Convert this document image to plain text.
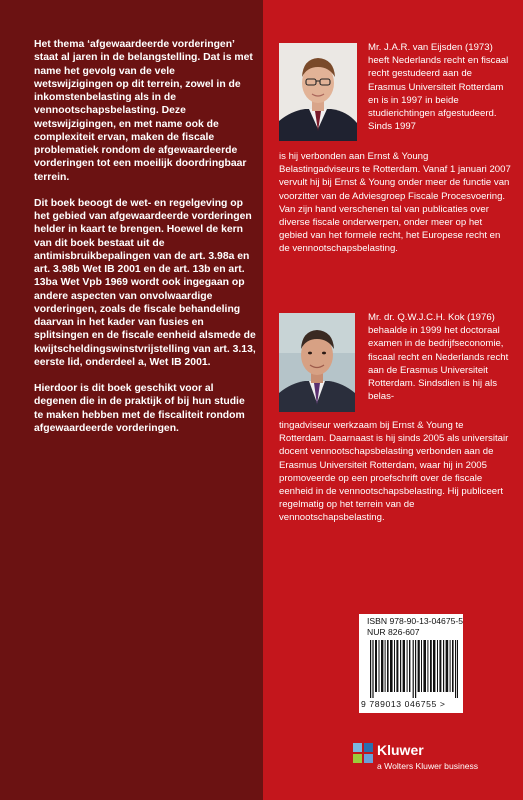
Het thema ‘afgewaardeerde vorderingen’ staat al jaren in de belangstelling. Dat is met name het gevolg van de vele wetswijzigingen op dit terrein, zowel in de inkomstenbelasting als in de vennootschapsbelasting. Deze wetswijzigingen, en met name ook de complexiteit ervan, maken de fiscale problematiek rondom de afgewaardeerde vorderingen tot een moeilijk doordringbaar terrein.

Dit boek beoogt de wet- en regelgeving op het gebied van afgewaardeerde vorderingen helder in kaart te brengen. Hoewel de kern van dit boek bestaat uit de antimisbruikbepalingen van de art. 3.98a en art. 3.98b Wet IB 2001 en de art. 13b en art. 13ba Wet Vpb 1969 wordt ook ingegaan op andere aspecten van onvolwaardige vorderingen, zoals de fiscale behandeling daarvan in het kader van fusies en splitsingen en de fiscale eenheid alsmede de kwijtscheldingswinstvrijstelling van art. 3.13, eerste lid, onderdeel a, Wet IB 2001.

Hierdoor is dit boek geschikt voor al degenen die in de praktijk of bij hun studie te maken hebben met de fiscaliteit rondom afgewaardeerde vorderingen.

Mr. J.A.R. van Eijsden (1973) heeft Nederlands recht en fiscaal recht gestudeerd aan de Erasmus Universiteit Rotterdam en is in 1997 in beide studierichtingen afgestudeerd. Sinds 1997
is hij verbonden aan Ernst & Young Belastingadviseurs te Rotterdam. Vanaf 1 januari 2007 vervult hij bij Ernst & Young onder meer de functie van voorzitter van de Adviesgroep Fiscale Procesvoering. Van zijn hand verschenen tal van publicaties over diverse fiscale onderwerpen, onder meer op het gebied van het formele recht, het Europese recht en de vennootschapsbelasting.
Mr. dr. Q.W.J.C.H. Kok (1976) behaalde in 1999 het doctoraal examen in de bedrijfseconomie, fiscaal recht en Nederlands recht aan de Erasmus Universiteit Rotterdam. Sindsdien is hij als belas-
tingadviseur werkzaam bij Ernst & Young te Rotterdam. Daarnaast is hij sinds 2005 als universitair docent vennootschapsbelasting verbonden aan de Erasmus Universiteit Rotterdam, waar hij in 2005 promoveerde op een proefschrift over de fiscale eenheid in de vennootschapsbelasting. Hij publiceert regelmatig op het terrein van de vennootschapsbelasting.
ISBN 978-90-13-04675-5
NUR 826-607
9 789013 046755 >
Kluwer
a Wolters Kluwer business
